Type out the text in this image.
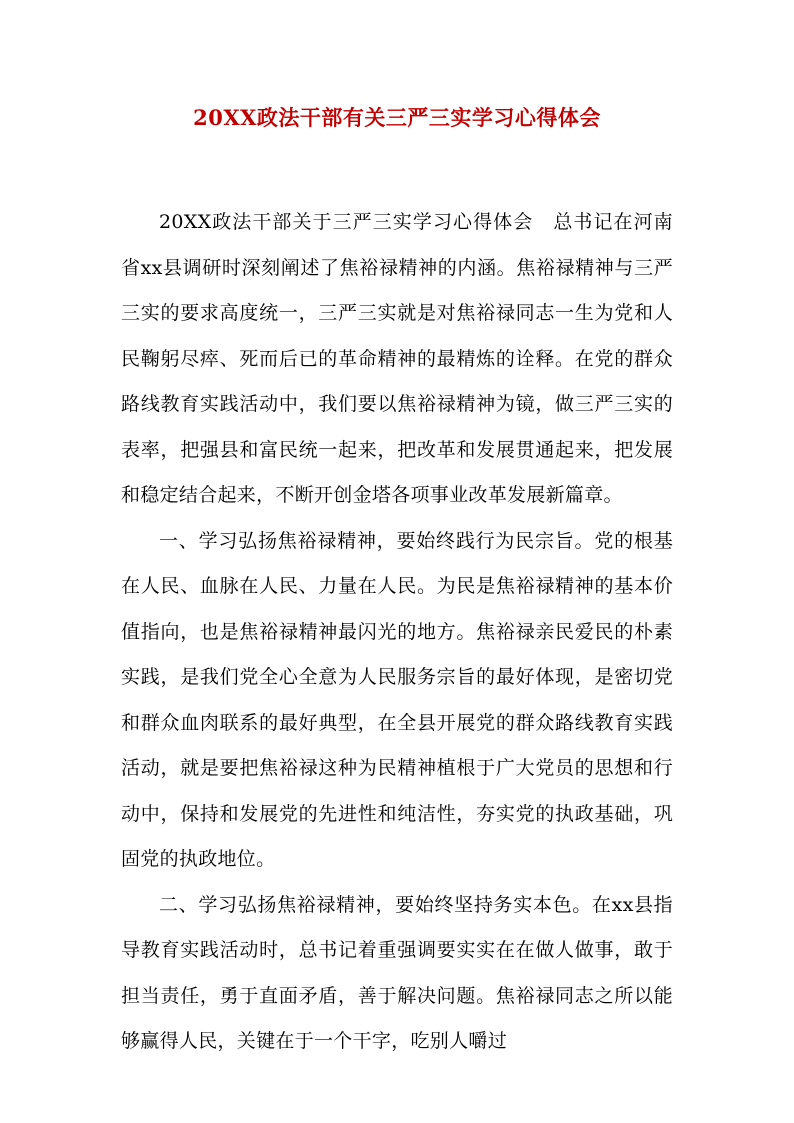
20XX政法干部有关三严三实学习心得体会

20XX政法干部关于三严三实学习心得体会　总书记在河南省xx县调研时深刻阐述了焦裕禄精神的内涵。焦裕禄精神与三严三实的要求高度统一，三严三实就是对焦裕禄同志一生为党和人民鞠躬尽瘁、死而后已的革命精神的最精炼的诠释。在党的群众路线教育实践活动中，我们要以焦裕禄精神为镜，做三严三实的表率，把强县和富民统一起来，把改革和发展贯通起来，把发展和稳定结合起来，不断开创金塔各项事业改革发展新篇章。

一、学习弘扬焦裕禄精神，要始终践行为民宗旨。党的根基在人民、血脉在人民、力量在人民。为民是焦裕禄精神的基本价值指向，也是焦裕禄精神最闪光的地方。焦裕禄亲民爱民的朴素实践，是我们党全心全意为人民服务宗旨的最好体现，是密切党和群众血肉联系的最好典型，在全县开展党的群众路线教育实践活动，就是要把焦裕禄这种为民精神植根于广大党员的思想和行动中，保持和发展党的先进性和纯洁性，夯实党的执政基础，巩固党的执政地位。

二、学习弘扬焦裕禄精神，要始终坚持务实本色。在xx县指导教育实践活动时，总书记着重强调要实实在在做人做事，敢于担当责任，勇于直面矛盾，善于解决问题。焦裕禄同志之所以能够赢得人民，关键在于一个干字，吃别人嚼过
